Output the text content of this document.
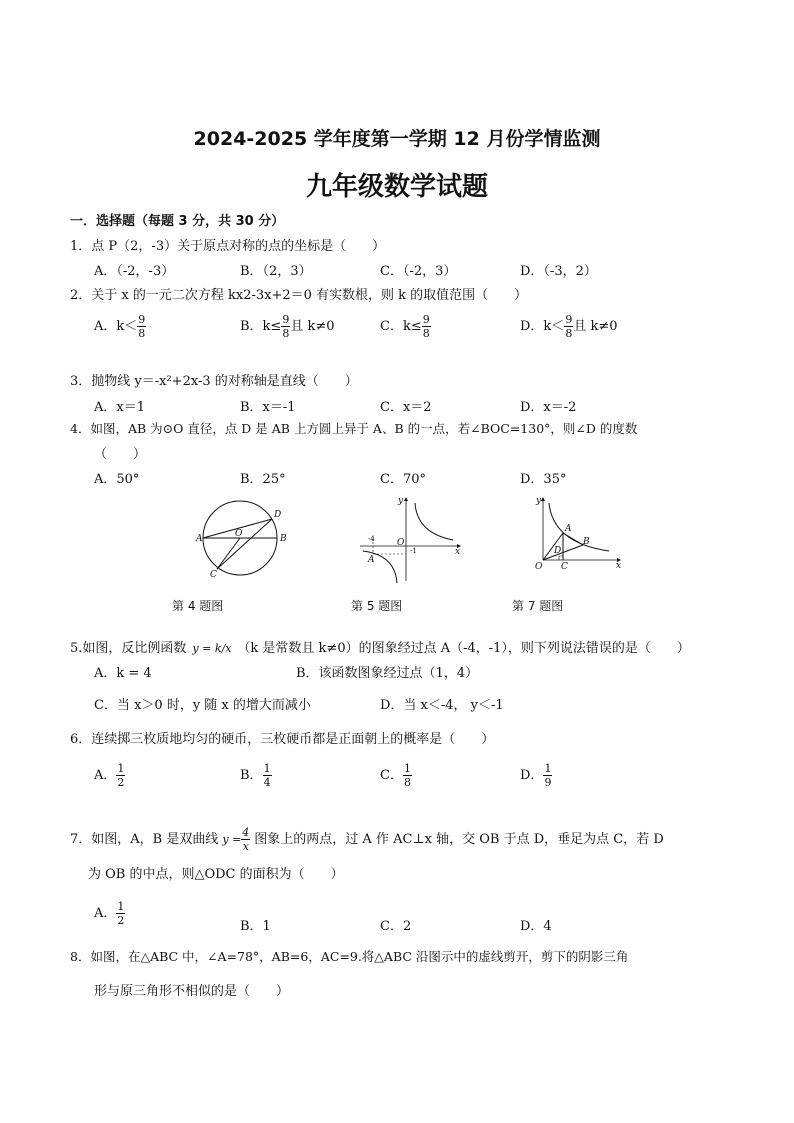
2024-2025 学年度第一学期 12 月份学情监测
九年级数学试题
一．选择题（每题 3 分，共 30 分）
1．点 P（2，-3）关于原点对称的点的坐标是（　　）
A．（-2，-3）	B．（2，3）	C．（-2，3）	D．（-3，2）
2．关于 x 的一元二次方程 kx2-3x+2＝0 有实数根，则 k 的取值范围（　　）
A．$k< \frac{9}{8}$	B．$k\le \frac{9}{8}$ 且 k≠0	C．$k\le \frac{9}{8}$	D．$k< \frac{9}{8}$ 且 k≠0
3．抛物线 y＝-x²+2x-3 的对称轴是直线（　　）
A．x＝1	B．x＝-1	C．x＝2	D．x＝-2
4．如图，AB 为⊙O 直径，点 D 是 AB 上方圆上异于 A、B 的一点，若∠BOC=130°，则∠D 的度数
（　　）
A．50°	B．25°	C．70°	D．35°
A	B
C
D
O	-4
-1
O
A
x
y
O C
A
B
D
x
y
第 4 题图	第 5 题图	第 7 题图
5.如图，反比例函数 y = k/x （k 是常数且 k≠0）的图象经过点 A（-4，-1），则下列说法错误的是（　　）
A．k = 4	B．该函数图象经过点（1，4）
C．当 x＞0 时，y 随 x 的增大而减小	D．当 x＜-4， y＜-1
6．连续掷三枚质地均匀的硬币，三枚硬币都是正面朝上的概率是（　　）
A． $\frac{1}{2}$	B． $\frac{1}{4}$	C． $\frac{1}{8}$	D． $\frac{1}{9}$
7．如图，A，B 是双曲线 $y = \frac{4}{x}$ 图象上的两点，过 A 作 AC⊥x 轴，交 OB 于点 D，垂足为点 C，若 D
为 OB 的中点，则△ODC 的面积为（　　）
A． $\frac{1}{2}$	B．1	C．2	D．4
8．如图，在△ABC 中，∠A=78°，AB=6，AC=9.将△ABC 沿图示中的虚线剪开，剪下的阴影三角
形与原三角形不相似的是（　　）
